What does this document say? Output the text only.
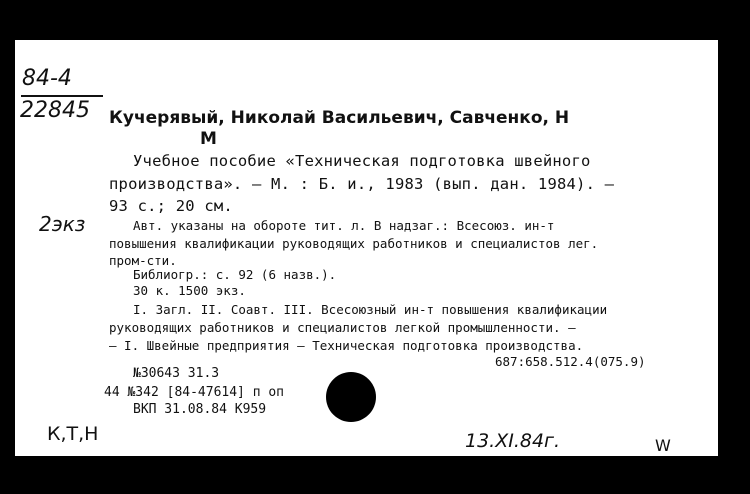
84-4
22845 Кучерявый, Николай Васильевич, Савченко, Н
М
Учебное пособие «Техническая подготовка швейного
производства». — М. : Б. и., 1983 (вып. дан. 1984). —
93 с.; 20 см.
2экз	Авт. указаны на обороте тит. л. В надзаг.: Всесоюз. ин-т
повышения квалификации руководящих работников и специалистов лег.
пром-сти.
Библиогр.: с. 92 (6 назв.).
30 к. 1500 экз.
I. Загл. II. Соавт. III. Всесоюзный ин-т повышения квалификации
руководящих работников и специалистов легкой промышленности. —
— I. Швейные предприятия — Техническая подготовка производства.
687:658.512.4(075.9)
№30643 31.3
44 №342 [84-47614] п оп
ВКП 31.08.84 К959
К,Т,Н	13.XI.84г.	W
